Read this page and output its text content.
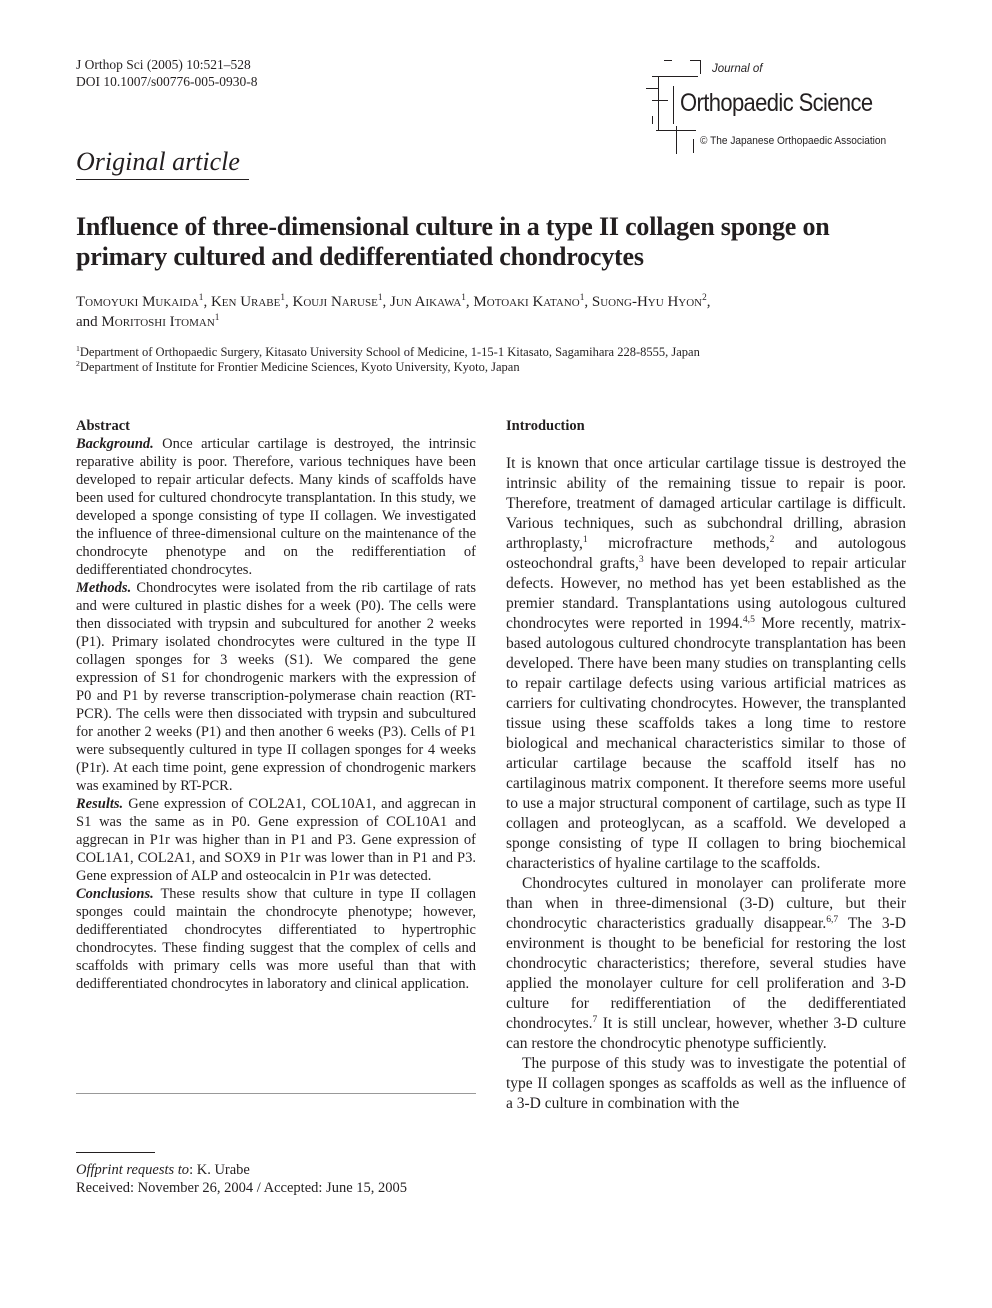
J Orthop Sci (2005) 10:521–528
DOI 10.1007/s00776-005-0930-8
Journal of
Orthopaedic Science
© The Japanese Orthopaedic Association
Original article
Influence of three-dimensional culture in a type II collagen sponge on primary cultured and dedifferentiated chondrocytes
Tomoyuki Mukaida$^1$, Ken Urabe$^1$, Kouji Naruse$^1$, Jun Aikawa$^1$, Motoaki Katano$^1$, Suong-Hyu Hyon$^2$,
and Moritoshi Itoman$^1$
$^1$Department of Orthopaedic Surgery, Kitasato University School of Medicine, 1-15-1 Kitasato, Sagamihara 228-8555, Japan
$^2$Department of Institute for Frontier Medicine Sciences, Kyoto University, Kyoto, Japan
Abstract

Background. Once articular cartilage is destroyed, the intrinsic reparative ability is poor. Therefore, various techniques have been developed to repair articular defects. Many kinds of scaffolds have been used for cultured chondrocyte transplantation. In this study, we developed a sponge consisting of type II collagen. We investigated the influence of three-dimensional culture on the maintenance of the chondrocyte phenotype and on the redifferentiation of dedifferentiated chondrocytes.

Methods. Chondrocytes were isolated from the rib cartilage of rats and were cultured in plastic dishes for a week (P0). The cells were then dissociated with trypsin and subcultured for another 2 weeks (P1). Primary isolated chondrocytes were cultured in the type II collagen sponges for 3 weeks (S1). We compared the gene expression of S1 for chondrogenic markers with the expression of P0 and P1 by reverse transcription-polymerase chain reaction (RT-PCR). The cells were then dissociated with trypsin and subcultured for another 2 weeks (P1) and then another 6 weeks (P3). Cells of P1 were subsequently cultured in type II collagen sponges for 4 weeks (P1r). At each time point, gene expression of chondrogenic markers was examined by RT-PCR.

Results. Gene expression of COL2A1, COL10A1, and aggrecan in S1 was the same as in P0. Gene expression of COL10A1 and aggrecan in P1r was higher than in P1 and P3. Gene expression of COL1A1, COL2A1, and SOX9 in P1r was lower than in P1 and P3. Gene expression of ALP and osteocalcin in P1r was detected.

Conclusions. These results show that culture in type II collagen sponges could maintain the chondrocyte phenotype; however, dedifferentiated chondrocytes differentiated to hypertrophic chondrocytes. These finding suggest that the complex of cells and scaffolds with primary cells was more useful than that with dedifferentiated chondrocytes in laboratory and clinical application.

Offprint requests to: K. Urabe
Received: November 26, 2004 / Accepted: June 15, 2005
Introduction

It is known that once articular cartilage tissue is destroyed the intrinsic ability of the remaining tissue to repair is poor. Therefore, treatment of damaged articular cartilage is difficult. Various techniques, such as subchondral drilling, abrasion arthroplasty,$^1$ microfracture methods,$^2$ and autologous osteochondral grafts,$^3$ have been developed to repair articular defects. However, no method has yet been established as the premier standard. Transplantations using autologous cultured chondrocytes were reported in 1994.$^{4,5}$ More recently, matrix-based autologous cultured chondrocyte transplantation has been developed. There have been many studies on transplanting cells to repair cartilage defects using various artificial matrices as carriers for cultivating chondrocytes. However, the transplanted tissue using these scaffolds takes a long time to restore biological and mechanical characteristics similar to those of articular cartilage because the scaffold itself has no cartilaginous matrix component. It therefore seems more useful to use a major structural component of cartilage, such as type II collagen and proteoglycan, as a scaffold. We developed a sponge consisting of type II collagen to bring biochemical characteristics of hyaline cartilage to the scaffolds.

Chondrocytes cultured in monolayer can proliferate more than when in three-dimensional (3-D) culture, but their chondrocytic characteristics gradually disappear.$^{6,7}$ The 3-D environment is thought to be beneficial for restoring the lost chondrocytic characteristics; therefore, several studies have applied the monolayer culture for cell proliferation and 3-D culture for redifferentiation of the dedifferentiated chondrocytes.$^7$ It is still unclear, however, whether 3-D culture can restore the chondrocytic phenotype sufficiently.

The purpose of this study was to investigate the potential of type II collagen sponges as scaffolds as well as the influence of a 3-D culture in combination with the
